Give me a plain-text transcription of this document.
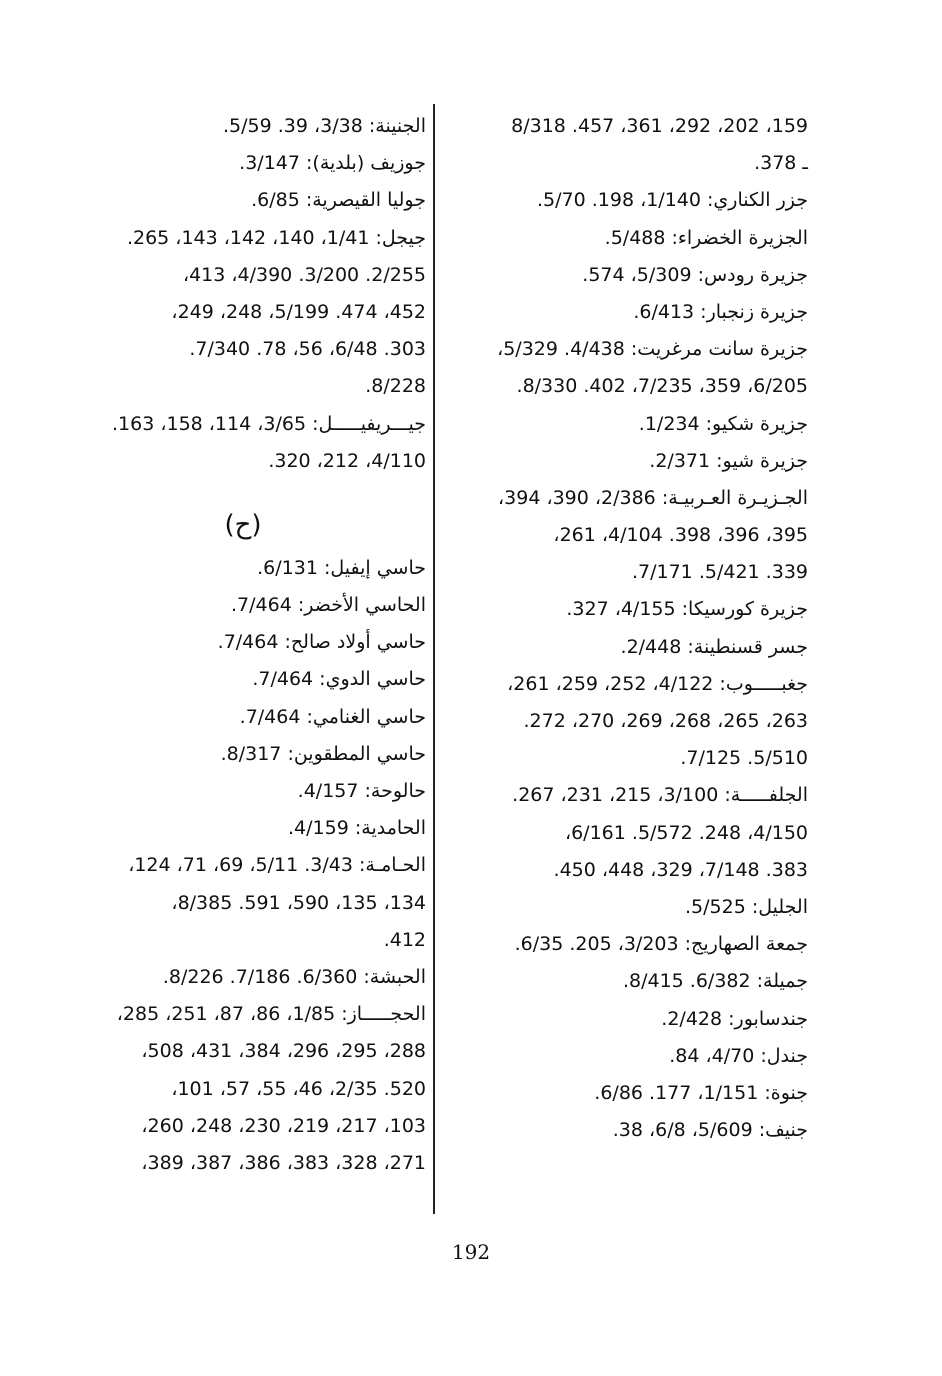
159، 202، 292، 361، 457. 8/318
ـ 378.
جزر الكناري: 1/140، 198. 5/70.
الجزيرة الخضراء: 5/488.
جزيرة رودس: 5/309، 574.
جزيرة زنجبار: 6/413.
جزيرة سانت مرغريت: 4/438. 5/329،
6/205، 359، 7/235، 402. 8/330.
جزيرة شكيو: 1/234.
جزيرة شيو: 2/371.
الجـزيـرة العـربيـة: 2/386، 390، 394،
395، 396، 398. 4/104، 261،
339. 5/421. 7/171.
جزيرة كورسيكا: 4/155، 327.
جسر قسنطينة: 2/448.
جغبـــــوب: 4/122، 252، 259، 261،
263، 265، 268، 269، 270، 272.
5/510. 7/125.
الجلفـــــة: 3/100، 215، 231، 267.
4/150، 248. 5/572. 6/161،
383. 7/148، 329، 448، 450.
الجليل: 5/525.
جمعة الصهاريج: 3/203، 205. 6/35.
جميلة: 6/382. 8/415.
جندسابور: 2/428.
جندل: 4/70، 84.
جنوة: 1/151، 177. 6/86.
جنيف: 5/609، 6/8، 38.
الجنينة: 3/38، 39. 5/59.
جوزيف (بلدية): 3/147.
جوليا القيصرية: 6/85.
جيجل: 1/41، 140، 142، 143، 265.
2/255. 3/200. 4/390، 413،
452، 474. 5/199، 248، 249،
303. 6/48، 56، 78. 7/340.
8/228.
جيـــريفيـــــل: 3/65، 114، 158، 163.
4/110، 212، 320.
(ح)
حاسي إيفيل: 6/131.
الحاسي الأخضر: 7/464.
حاسي أولاد صالح: 7/464.
حاسي الدوي: 7/464.
حاسي الغنامي: 7/464.
حاسي المطقوين: 8/317.
حالوحة: 4/157.
الحامدية: 4/159.
الحـامـة: 3/43. 5/11، 69، 71، 124،
134، 135، 590، 591. 8/385،
412.
الحبشة: 6/360. 7/186. 8/226.
الحجـــــاز: 1/85، 86، 87، 251، 285،
288، 295، 296، 384، 431، 508،
520. 2/35، 46، 55، 57، 101،
103، 217، 219، 230، 248، 260،
271، 328، 383، 386، 387، 389،
192
